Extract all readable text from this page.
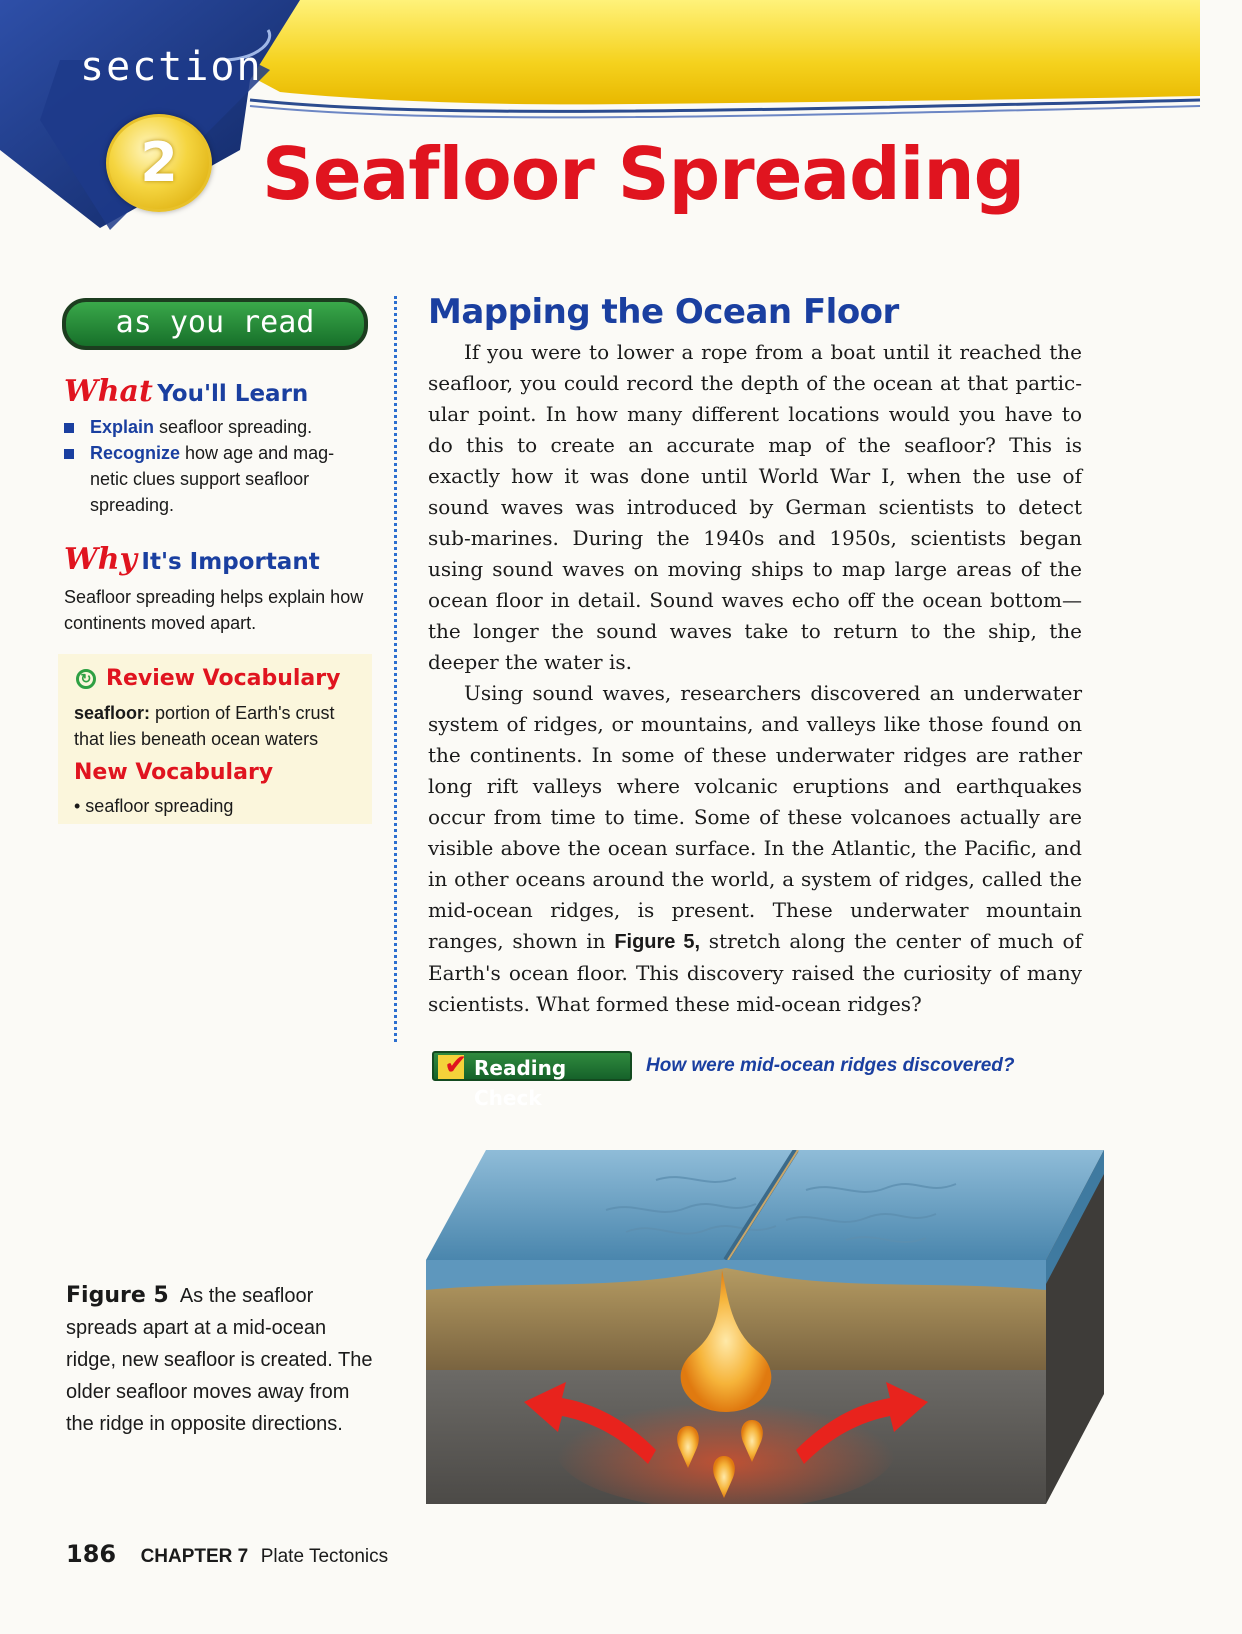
section
2	Seafloor Spreading
as you read
What You'll Learn
Explain seafloor spreading.
Recognize how age and mag-netic clues support seafloor spreading.
Why It's Important
Seafloor spreading helps explain how continents moved apart.
↻ Review Vocabulary
seafloor: portion of Earth's crust that lies beneath ocean waters
New Vocabulary
• seafloor spreading
Mapping the Ocean Floor

If you were to lower a rope from a boat until it reached the seafloor, you could record the depth of the ocean at that partic-ular point. In how many different locations would you have to do this to create an accurate map of the seafloor? This is exactly how it was done until World War I, when the use of sound waves was introduced by German scientists to detect sub-marines. During the 1940s and 1950s, scientists began using sound waves on moving ships to map large areas of the ocean floor in detail. Sound waves echo off the ocean bottom—the longer the sound waves take to return to the ship, the deeper the water is.

Using sound waves, researchers discovered an underwater system of ridges, or mountains, and valleys like those found on the continents. In some of these underwater ridges are rather long rift valleys where volcanic eruptions and earthquakes occur from time to time. Some of these volcanoes actually are visible above the ocean surface. In the Atlantic, the Pacific, and in other oceans around the world, a system of ridges, called the mid-ocean ridges, is present. These underwater mountain ranges, shown in Figure 5, stretch along the center of much of Earth's ocean floor. This discovery raised the curiosity of many scientists. What formed these mid-ocean ridges?

✔ Reading Check
How were mid-ocean ridges discovered?
Figure 5 As the seafloor spreads apart at a mid-ocean ridge, new seafloor is created. The older seafloor moves away from the ridge in opposite directions.
186 CHAPTER 7 Plate Tectonics
